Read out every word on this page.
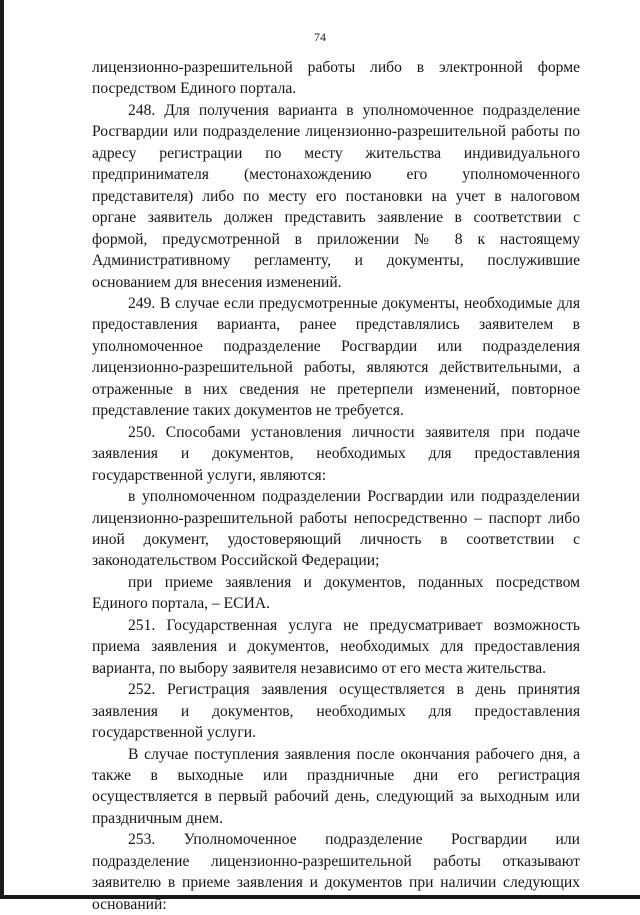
74

лицензионно-разрешительной работы либо в электронной форме посредством Единого портала.

248. Для получения варианта в уполномоченное подразделение Росгвардии или подразделение лицензионно-разрешительной работы по адресу регистрации по месту жительства индивидуального предпринимателя (местонахождению его уполномоченного представителя) либо по месту его постановки на учет в налоговом органе заявитель должен представить заявление в соответствии с формой, предусмотренной в приложении № 8 к настоящему Административному регламенту, и документы, послужившие основанием для внесения изменений.

249. В случае если предусмотренные документы, необходимые для предоставления варианта, ранее представлялись заявителем в уполномоченное подразделение Росгвардии или подразделения лицензионно-разрешительной работы, являются действительными, а отраженные в них сведения не претерпели изменений, повторное представление таких документов не требуется.

250. Способами установления личности заявителя при подаче заявления и документов, необходимых для предоставления государственной услуги, являются:

в уполномоченном подразделении Росгвардии или подразделении лицензионно-разрешительной работы непосредственно – паспорт либо иной документ, удостоверяющий личность в соответствии с законодательством Российской Федерации;

при приеме заявления и документов, поданных посредством Единого портала, – ЕСИА.

251. Государственная услуга не предусматривает возможность приема заявления и документов, необходимых для предоставления варианта, по выбору заявителя независимо от его места жительства.

252. Регистрация заявления осуществляется в день принятия заявления и документов, необходимых для предоставления государственной услуги.

В случае поступления заявления после окончания рабочего дня, а также в выходные или праздничные дни его регистрация осуществляется в первый рабочий день, следующий за выходным или праздничным днем.

253. Уполномоченное подразделение Росгвардии или подразделение лицензионно-разрешительной работы отказывают заявителю в приеме заявления и документов при наличии следующих оснований:
